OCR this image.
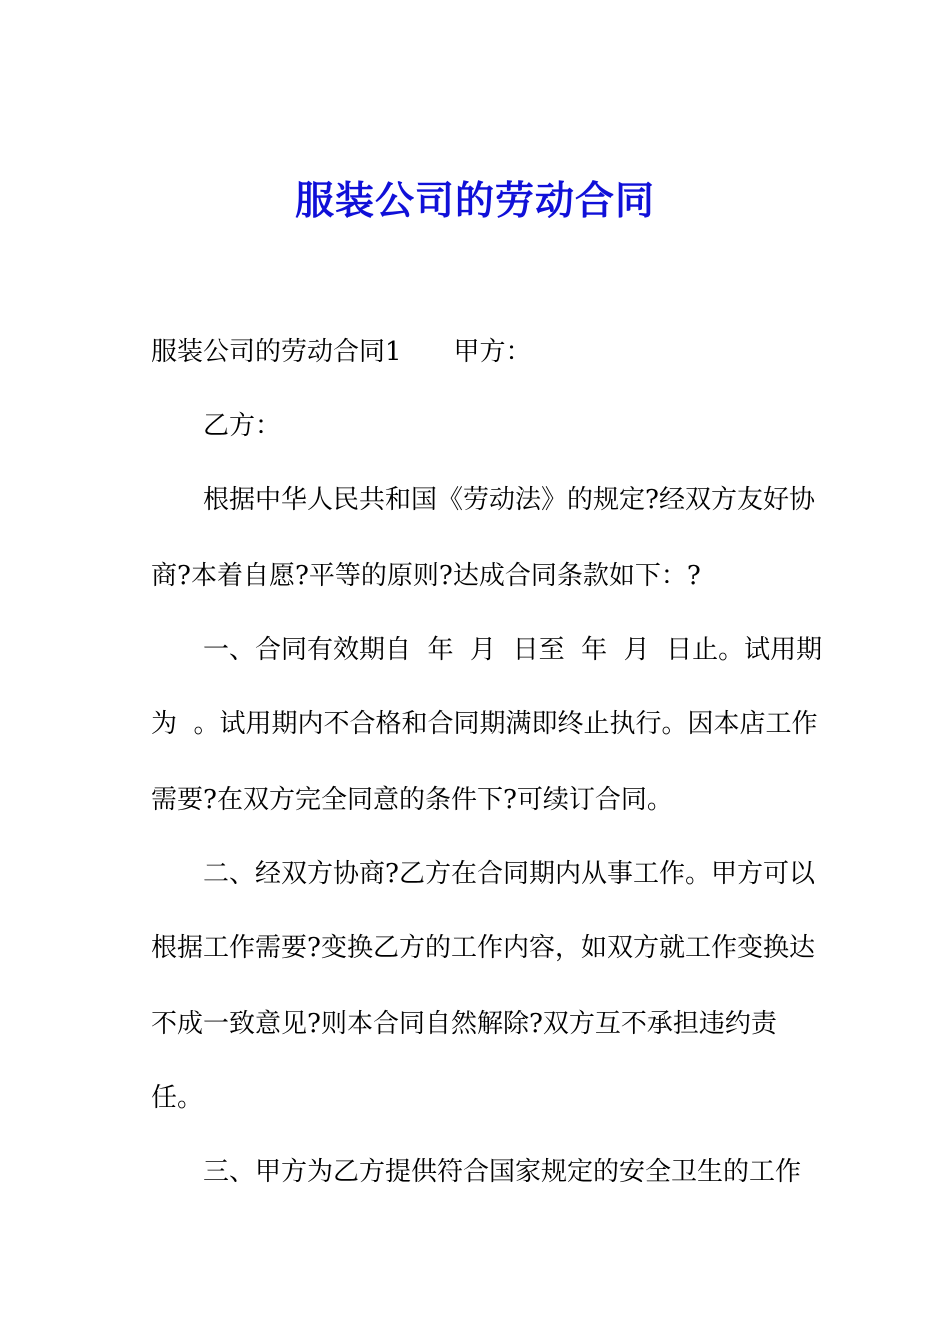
服装公司的劳动合同
服装公司的劳动合同1 甲方：
乙方：
根据中华人民共和国《劳动法》的规定?经双方友好协
商?本着自愿?平等的原则?达成合同条款如下：?
一、合同有效期自  年  月  日至  年  月  日止。试用期
为  。试用期内不合格和合同期满即终止执行。因本店工作
需要?在双方完全同意的条件下?可续订合同。
二、经双方协商?乙方在合同期内从事工作。甲方可以
根据工作需要?变换乙方的工作内容，如双方就工作变换达
不成一致意见?则本合同自然解除?双方互不承担违约责
任。
三、甲方为乙方提供符合国家规定的安全卫生的工作
